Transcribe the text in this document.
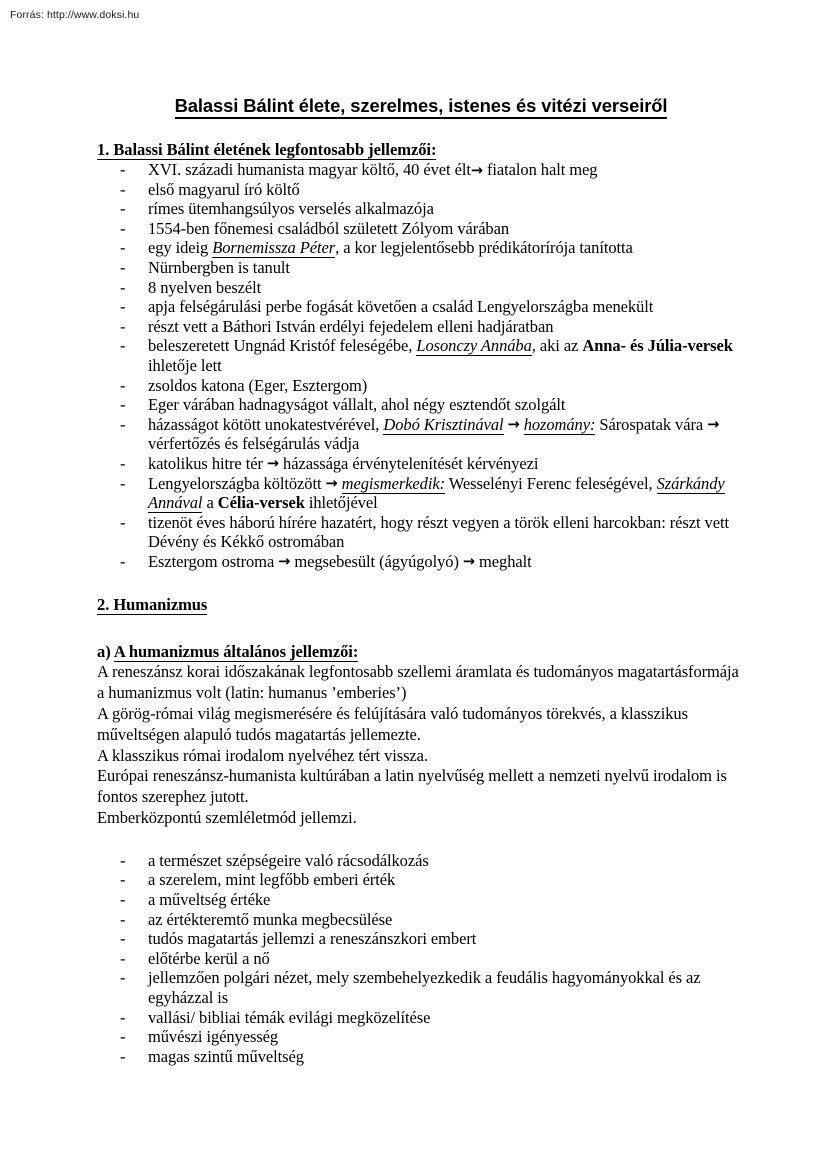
Forrás: http://www.doksi.hu
Balassi Bálint élete, szerelmes, istenes és vitézi verseiről
1. Balassi Bálint életének legfontosabb jellemzői:
- XVI. századi humanista magyar költő, 40 évet élt→ fiatalon halt meg
- első magyarul író költő
- rímes ütemhangsúlyos verselés alkalmazója
- 1554-ben főnemesi családból született Zólyom várában
- egy ideig Bornemissza Péter, a kor legjelentősebb prédikátorírója tanította
- Nürnbergben is tanult
- 8 nyelven beszélt
- apja felségárulási perbe fogását követően a család Lengyelországba menekült
- részt vett a Báthori István erdélyi fejedelem elleni hadjáratban
- beleszeretett Ungnád Kristóf feleségébe, Losonczy Annába, aki az Anna- és Júlia-versek ihletője lett
- zsoldos katona (Eger, Esztergom)
- Eger várában hadnagyságot vállalt, ahol négy esztendőt szolgált
- házasságot kötött unokatestvérével, Dobó Krisztinával → hozomány: Sárospatak vára → vérfertőzés és felségárulás vádja
- katolikus hitre tér → házassága érvénytelenítését kérvényezi
- Lengyelországba költözött → megismerkedik: Wesselényi Ferenc feleségével, Szárkándy Annával a Célia-versek ihletőjével
- tizenöt éves háború hírére hazatért, hogy részt vegyen a török elleni harcokban: részt vett Dévény és Kékkő ostromában
- Esztergom ostroma → megsebesült (ágyúgolyó) → meghalt
2. Humanizmus
a) A humanizmus általános jellemzői:

A reneszánsz korai időszakának legfontosabb szellemi áramlata és tudományos magatartásformája a humanizmus volt (latin: humanus ’emberies’)

A görög-római világ megismerésére és felújítására való tudományos törekvés, a klasszikus műveltségen alapuló tudós magatartás jellemezte.

A klasszikus római irodalom nyelvéhez tért vissza.

Európai reneszánsz-humanista kultúrában a latin nyelvűség mellett a nemzeti nyelvű irodalom is fontos szerephez jutott.

Emberközpontú szemléletmód jellemzi.

- a természet szépségeire való rácsodálkozás
- a szerelem, mint legfőbb emberi érték
- a műveltség értéke
- az értékteremtő munka megbecsülése
- tudós magatartás jellemzi a reneszánszkori embert
- előtérbe kerül a nő
- jellemzően polgári nézet, mely szembehelyezkedik a feudális hagyományokkal és az egyházzal is
- vallási/ bibliai témák evilági megközelítése
- művészi igényesség
- magas szintű műveltség
